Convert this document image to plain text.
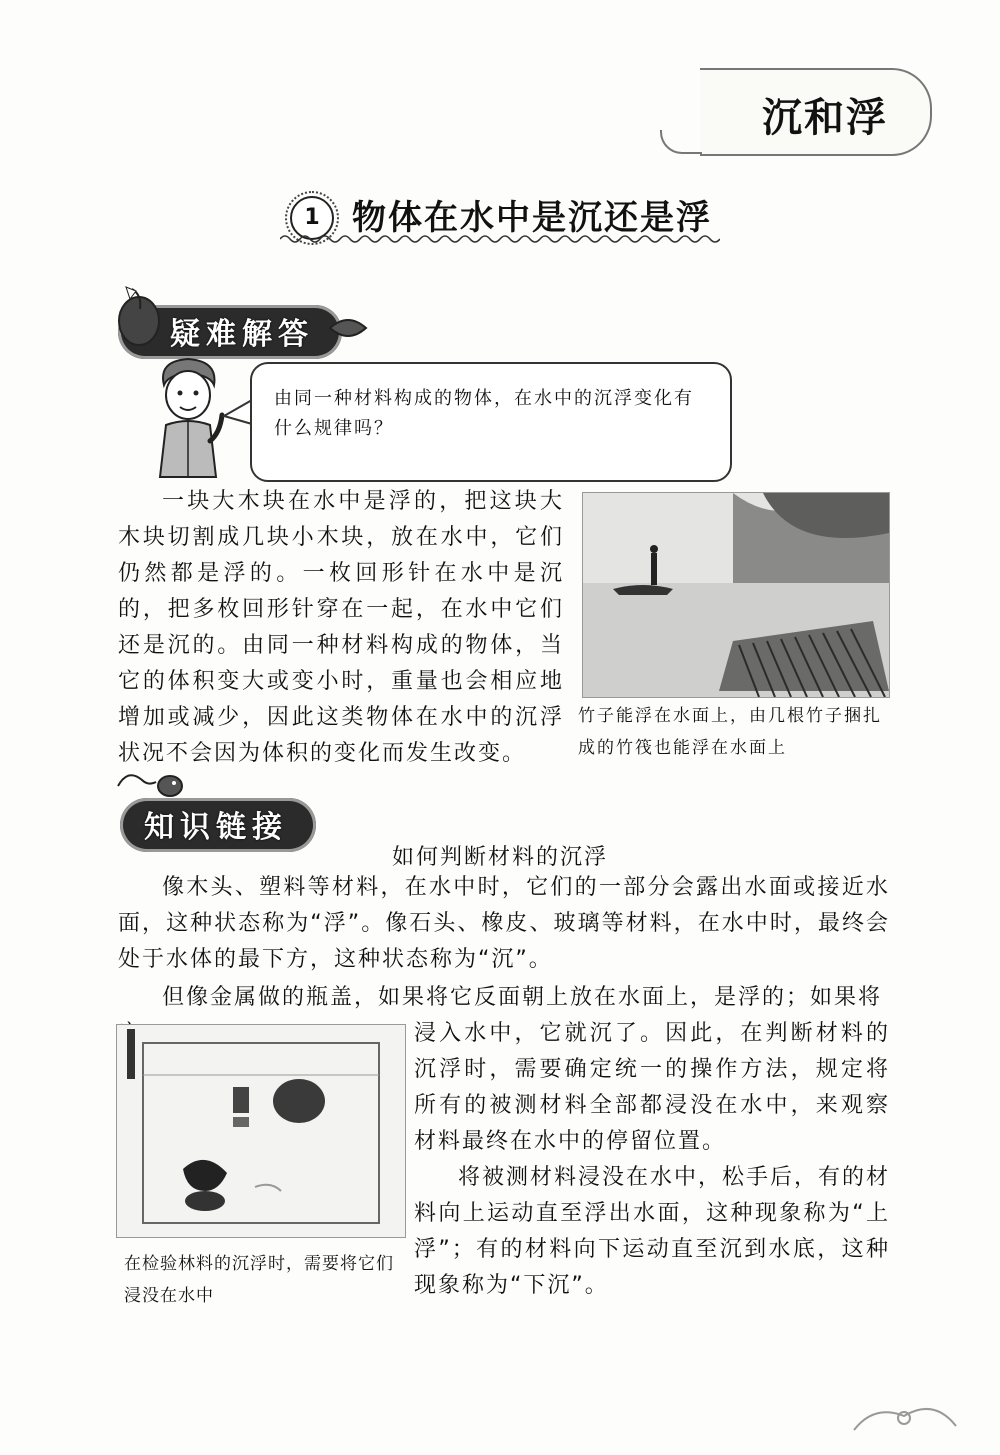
沉和浮
1 物体在水中是沉还是浮
疑难解答
由同一种材料构成的物体，在水中的沉浮变化有什么规律吗？
一块大木块在水中是浮的，把这块大木块切割成几块小木块，放在水中，它们仍然都是浮的。一枚回形针在水中是沉的，把多枚回形针穿在一起，在水中它们还是沉的。由同一种材料构成的物体，当它的体积变大或变小时，重量也会相应地增加或减少，因此这类物体在水中的沉浮状况不会因为体积的变化而发生改变。
竹子能浮在水面上，由几根竹子捆扎成的竹筏也能浮在水面上
知识链接
如何判断材料的沉浮
像木头、塑料等材料，在水中时，它们的一部分会露出水面或接近水面，这种状态称为“浮”。像石头、橡皮、玻璃等材料，在水中时，最终会处于水体的最下方，这种状态称为“沉”。
但像金属做的瓶盖，如果将它反面朝上放在水面上，是浮的；如果将
浸入水中，它就沉了。因此，在判断材料的沉浮时，需要确定统一的操作方法，规定将所有的被测材料全部都浸没在水中，来观察材料最终在水中的停留位置。
将被测材料浸没在水中，松手后，有的材料向上运动直至浮出水面，这种现象称为“上浮”；有的材料向下运动直至沉到水底，这种现象称为“下沉”。
在检验林料的沉浮时，需要将它们浸没在水中
